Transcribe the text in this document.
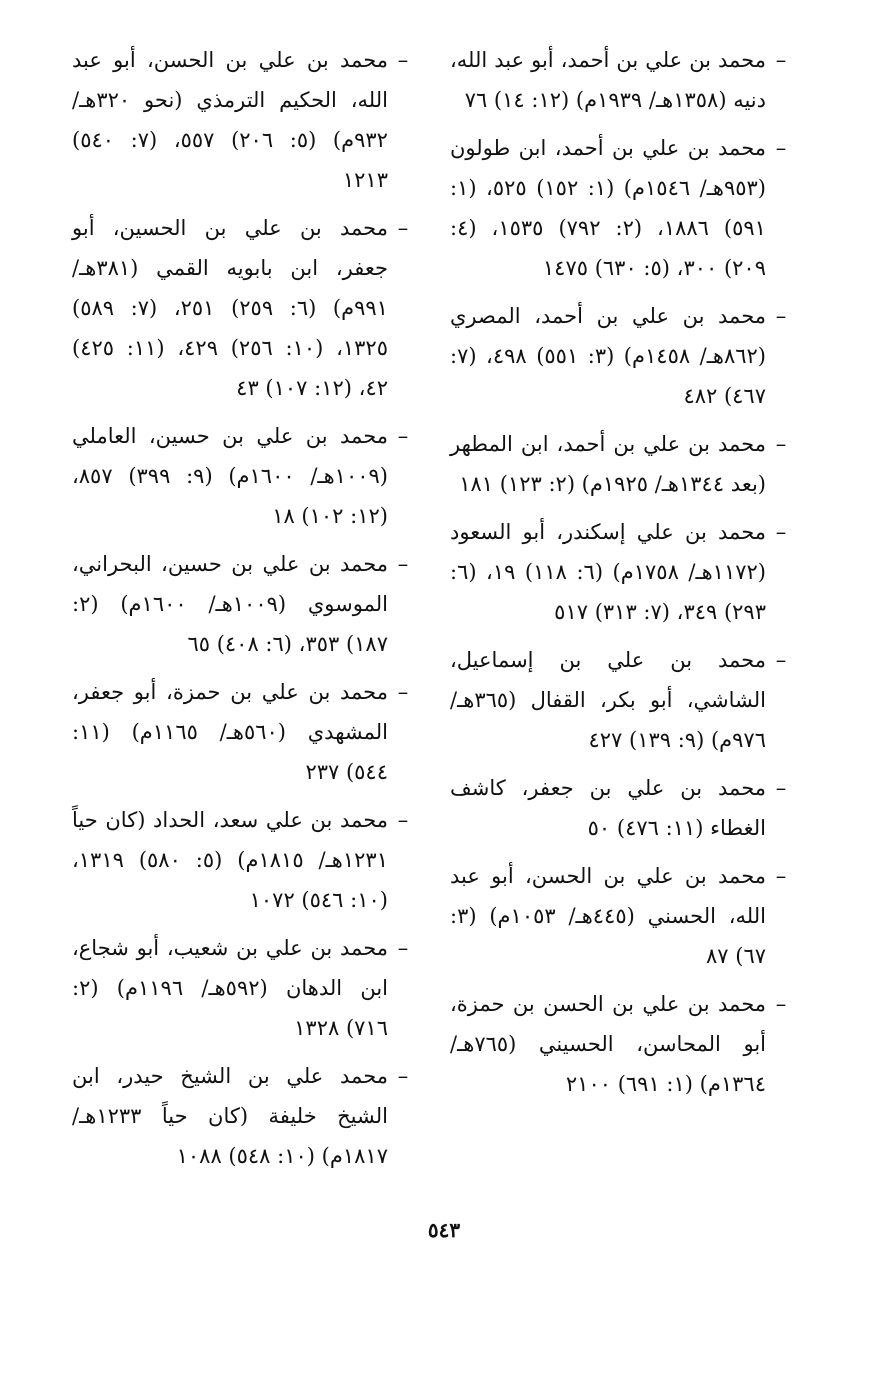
–
محمد بن علي بن أحمد، أبو عبد الله، دنيه (١٣٥٨هـ/ ١٩٣٩م) (١٢: ١٤) ٧٦
–
محمد بن علي بن أحمد، ابن طولون (٩٥٣هـ/ ١٥٤٦م) (١: ١٥٢) ٥٢٥، (١: ٥٩١) ١٨٨٦، (٢: ٧٩٢) ١٥٣٥، (٤: ٢٠٩) ٣٠٠، (٥: ٦٣٠) ١٤٧٥
–
محمد بن علي بن أحمد، المصري (٨٦٢هـ/ ١٤٥٨م) (٣: ٥٥١) ٤٩٨، (٧: ٤٦٧) ٤٨٢
–
محمد بن علي بن أحمد، ابن المطهر (بعد ١٣٤٤هـ/ ١٩٢٥م) (٢: ١٢٣) ١٨١
–
محمد بن علي إسكندر، أبو السعود (١١٧٢هـ/ ١٧٥٨م) (٦: ١١٨) ١٩، (٦: ٢٩٣) ٣٤٩، (٧: ٣١٣) ٥١٧
–
محمد بن علي بن إسماعيل، الشاشي، أبو بكر، القفال (٣٦٥هـ/ ٩٧٦م) (٩: ١٣٩) ٤٢٧
–
محمد بن علي بن جعفر، كاشف الغطاء (١١: ٤٧٦) ٥٠
–
محمد بن علي بن الحسن، أبو عبد الله، الحسني (٤٤٥هـ/ ١٠٥٣م) (٣: ٦٧) ٨٧
–
محمد بن علي بن الحسن بن حمزة، أبو المحاسن، الحسيني (٧٦٥هـ/ ١٣٦٤م) (١: ٦٩١) ٢١٠٠
–
محمد بن علي بن الحسن، أبو عبد الله، الحكيم الترمذي (نحو ٣٢٠هـ/ ٩٣٢م) (٥: ٢٠٦) ٥٥٧، (٧: ٥٤٠) ١٢١٣
–
محمد بن علي بن الحسين، أبو جعفر، ابن بابويه القمي (٣٨١هـ/ ٩٩١م) (٦: ٢٥٩) ٢٥١، (٧: ٥٨٩) ١٣٢٥، (١٠: ٢٥٦) ٤٢٩، (١١: ٤٢٥) ٤٢، (١٢: ١٠٧) ٤٣
–
محمد بن علي بن حسين، العاملي (١٠٠٩هـ/ ١٦٠٠م) (٩: ٣٩٩) ٨٥٧، (١٢: ١٠٢) ١٨
–
محمد بن علي بن حسين، البحراني، الموسوي (١٠٠٩هـ/ ١٦٠٠م) (٢: ١٨٧) ٣٥٣، (٦: ٤٠٨) ٦٥
–
محمد بن علي بن حمزة، أبو جعفر، المشهدي (٥٦٠هـ/ ١١٦٥م) (١١: ٥٤٤) ٢٣٧
–
محمد بن علي سعد، الحداد (كان حياً ١٢٣١هـ/ ١٨١٥م) (٥: ٥٨٠) ١٣١٩، (١٠: ٥٤٦) ١٠٧٢
–
محمد بن علي بن شعيب، أبو شجاع، ابن الدهان (٥٩٢هـ/ ١١٩٦م) (٢: ٧١٦) ١٣٢٨
–
محمد علي بن الشيخ حيدر، ابن الشيخ خليفة (كان حياً ١٢٣٣هـ/ ١٨١٧م) (١٠: ٥٤٨) ١٠٨٨
٥٤٣
